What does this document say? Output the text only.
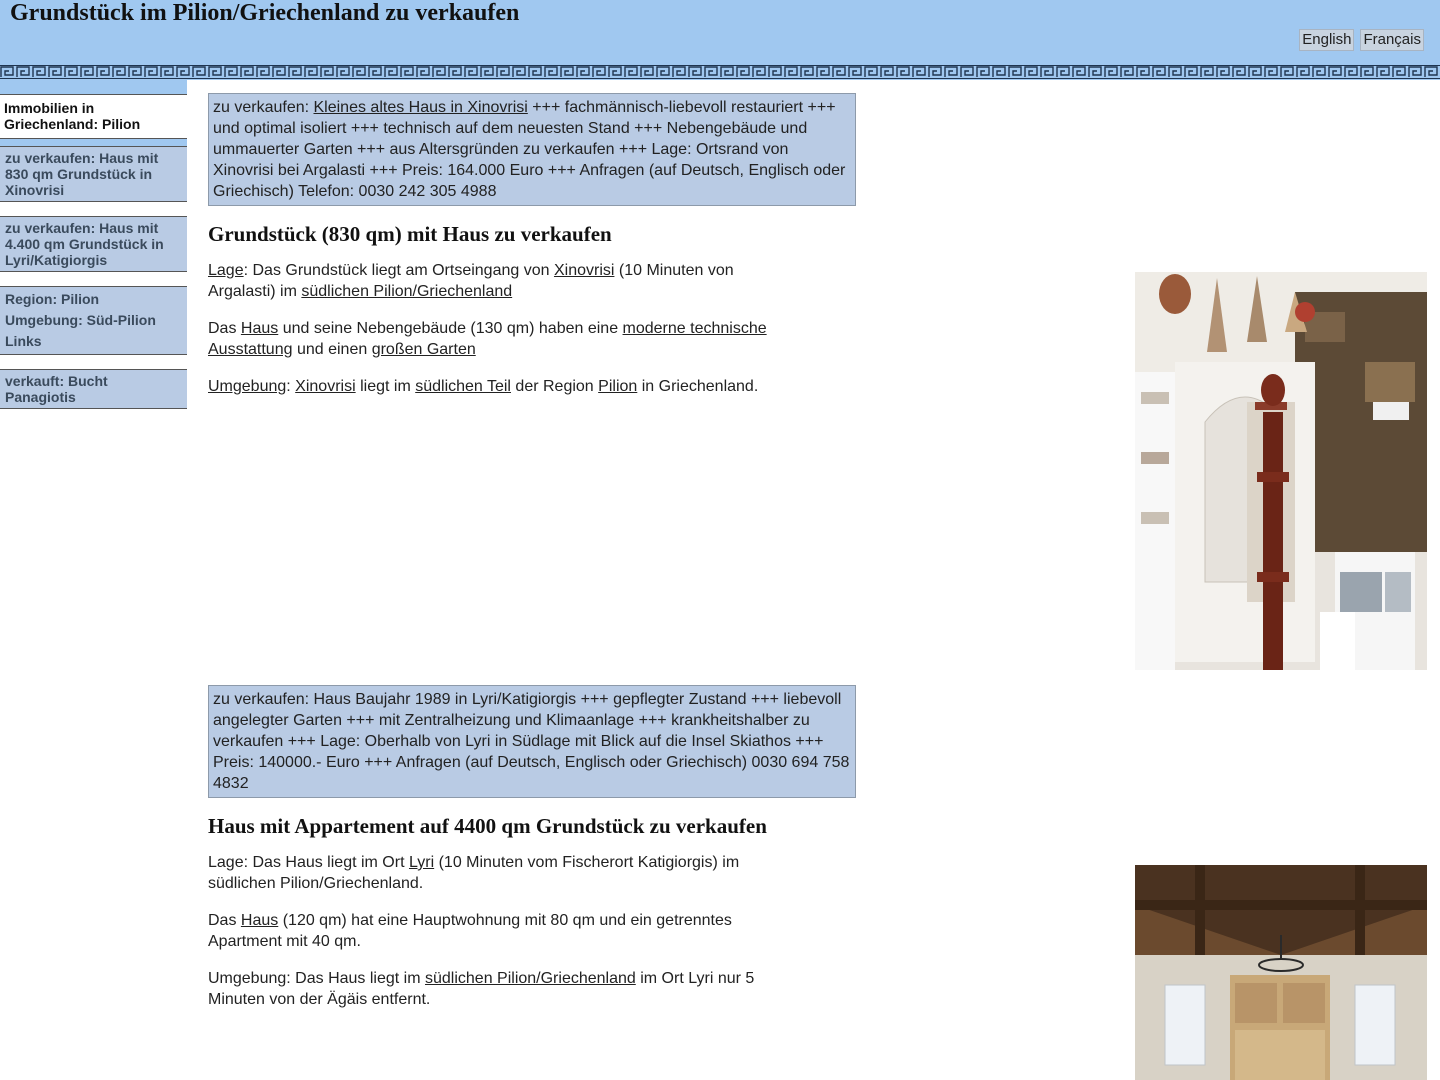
Grundstück im Pilion/Griechenland zu verkaufen
English Français
Immobilien in Griechenland: Pilion
zu verkaufen: Haus mit 830 qm Grundstück in Xinovrisi
zu verkaufen: Haus mit 4.400 qm Grundstück in Lyri/Katigiorgis
Region: Pilion
Umgebung: Süd-Pilion
Links
verkauft: Bucht Panagiotis
zu verkaufen: Kleines altes Haus in Xinovrisi +++ fachmännisch-liebevoll restauriert +++ und optimal isoliert +++ technisch auf dem neuesten Stand +++ Nebengebäude und ummauerter Garten +++ aus Altersgründen zu verkaufen +++ Lage: Ortsrand von Xinovrisi bei Argalasti +++ Preis: 164.000 Euro +++ Anfragen (auf Deutsch, Englisch oder Griechisch) Telefon: 0030 242 305 4988
Grundstück (830 qm) mit Haus zu verkaufen

Lage: Das Grundstück liegt am Ortseingang von Xinovrisi (10 Minuten von Argalasti) im südlichen Pilion/Griechenland

Das Haus und seine Nebengebäude (130 qm) haben eine moderne technische Ausstattung und einen großen Garten

Umgebung: Xinovrisi liegt im südlichen Teil der Region Pilion in Griechenland.

zu verkaufen: Haus Baujahr 1989 in Lyri/Katigiorgis +++ gepflegter Zustand +++ liebevoll angelegter Garten +++ mit Zentralheizung und Klimaanlage +++ krankheitshalber zu verkaufen +++ Lage: Oberhalb von Lyri in Südlage mit Blick auf die Insel Skiathos +++ Preis: 140000.- Euro +++ Anfragen (auf Deutsch, Englisch oder Griechisch) 0030 694 758 4832
Haus mit Appartement auf 4400 qm Grundstück zu verkaufen

Lage: Das Haus liegt im Ort Lyri (10 Minuten vom Fischerort Katigiorgis) im südlichen Pilion/Griechenland.

Das Haus (120 qm) hat eine Hauptwohnung mit 80 qm und ein getrenntes Apartment mit 40 qm.

Umgebung: Das Haus liegt im südlichen Pilion/Griechenland im Ort Lyri nur 5 Minuten von der Ägäis entfernt.
